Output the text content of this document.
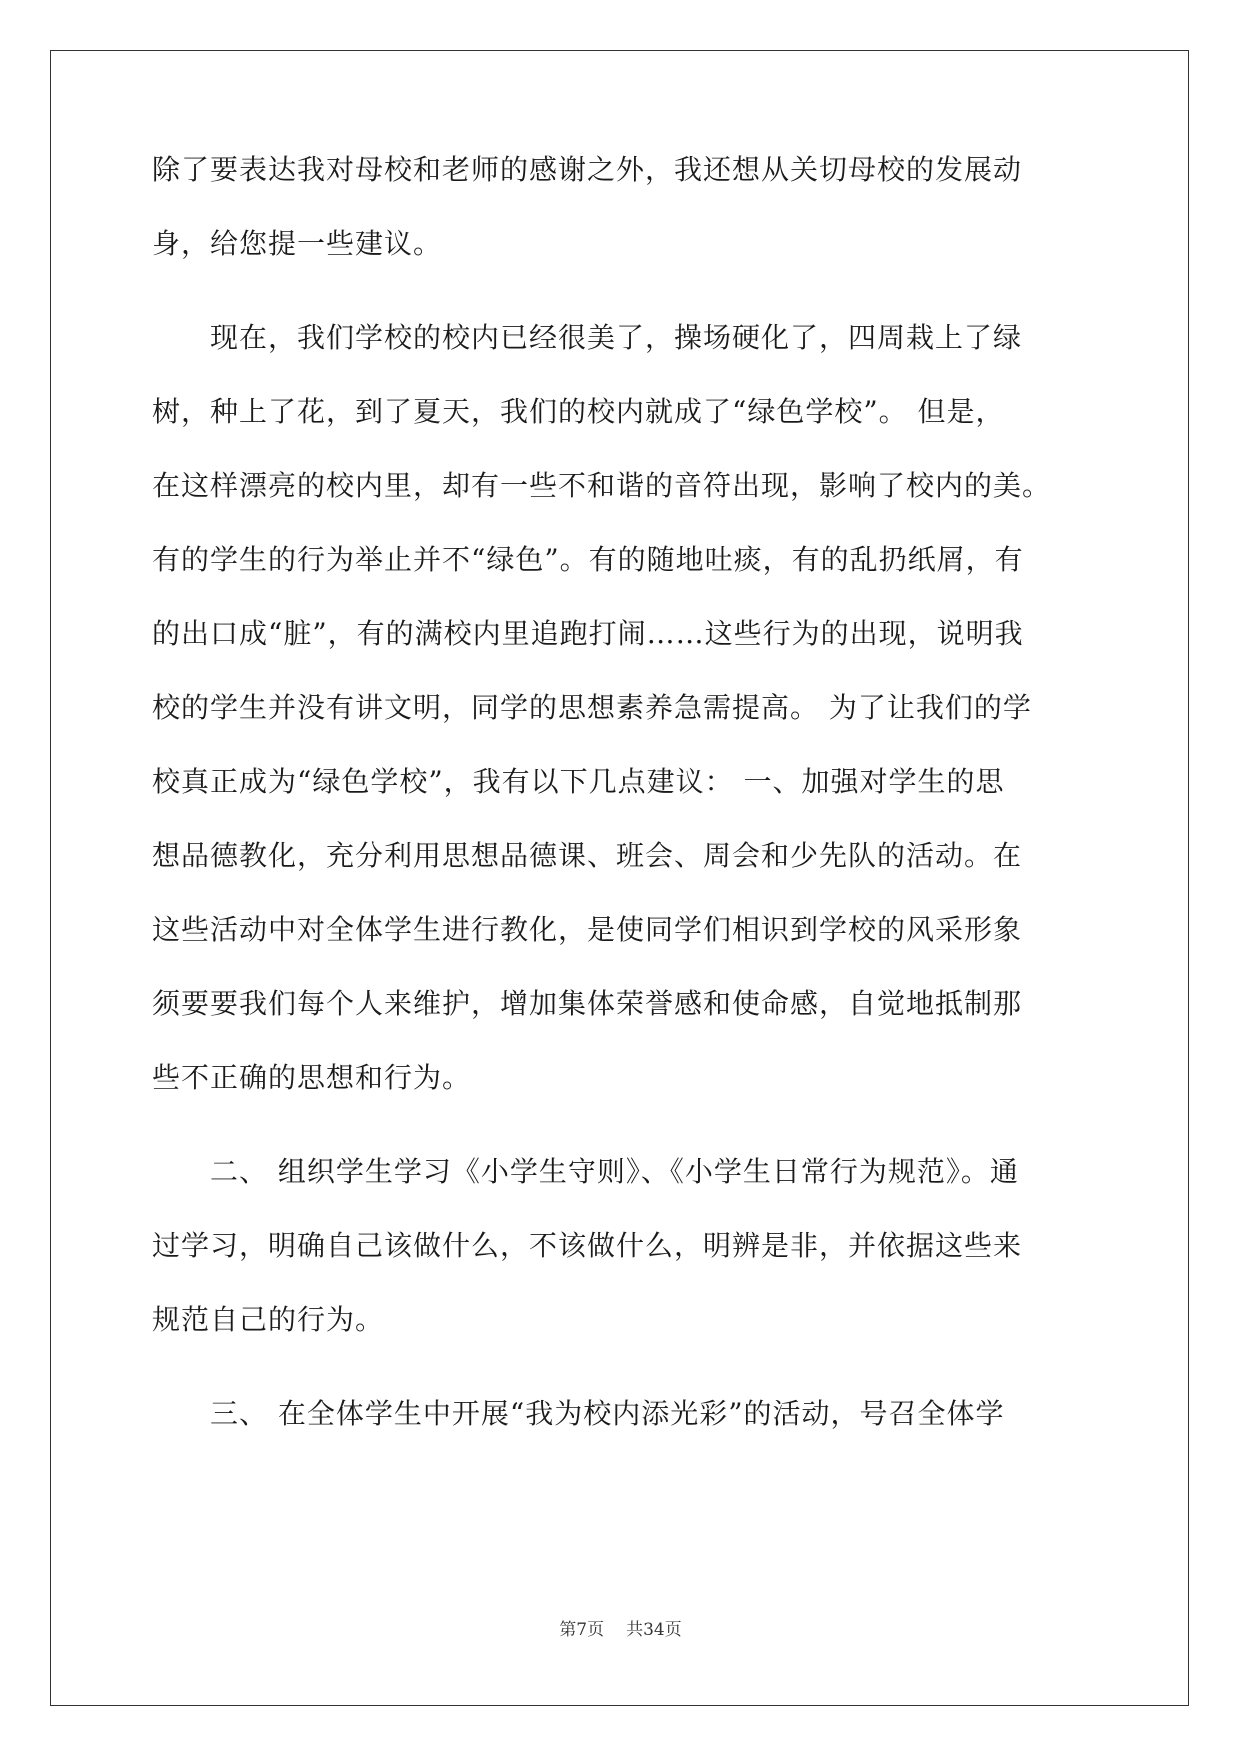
除了要表达我对母校和老师的感谢之外，我还想从关切母校的发展动
身，给您提一些建议。
　　现在，我们学校的校内已经很美了，操场硬化了，四周栽上了绿
树，种上了花，到了夏天，我们的校内就成了“绿色学校”。 但是，
在这样漂亮的校内里，却有一些不和谐的音符出现，影响了校内的美。
有的学生的行为举止并不“绿色”。有的随地吐痰，有的乱扔纸屑，有
的出口成“脏”，有的满校内里追跑打闹……这些行为的出现，说明我
校的学生并没有讲文明，同学的思想素养急需提高。 为了让我们的学
校真正成为“绿色学校”，我有以下几点建议： 一、加强对学生的思
想品德教化，充分利用思想品德课、班会、周会和少先队的活动。在
这些活动中对全体学生进行教化，是使同学们相识到学校的风采形象
须要要我们每个人来维护，增加集体荣誉感和使命感，自觉地抵制那
些不正确的思想和行为。
　　二、 组织学生学习《小学生守则》、《小学生日常行为规范》。通
过学习，明确自己该做什么，不该做什么，明辨是非，并依据这些来
规范自己的行为。
　　三、 在全体学生中开展“我为校内添光彩”的活动，号召全体学
第7页 共34页
